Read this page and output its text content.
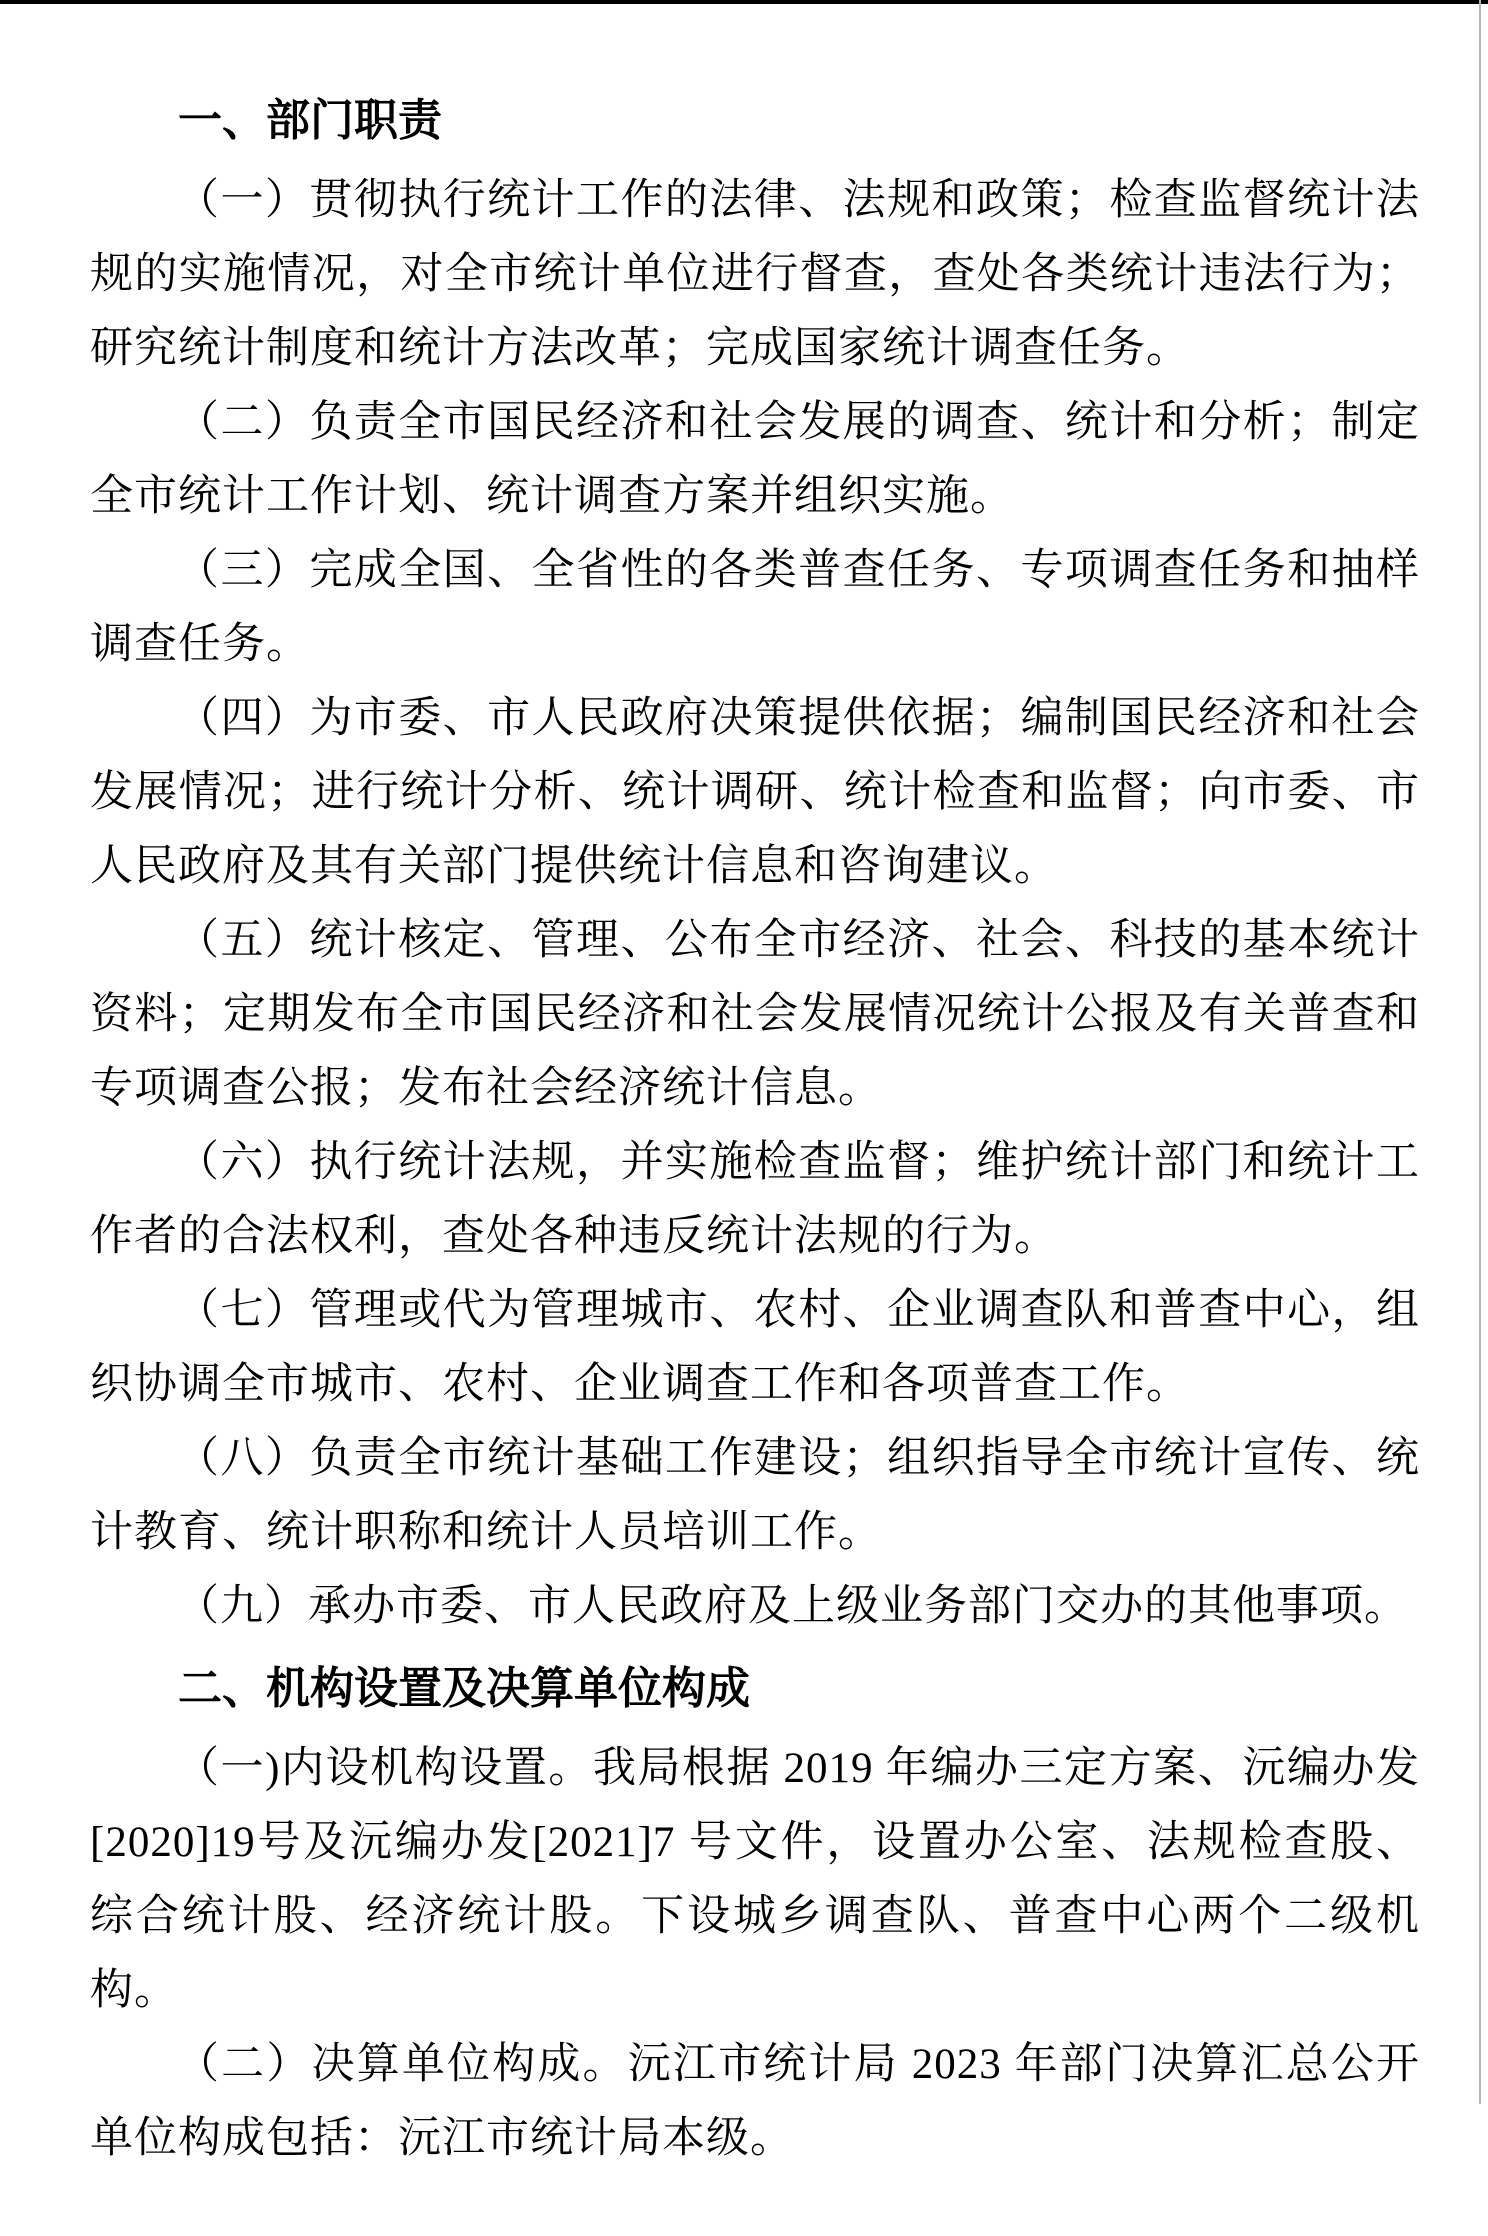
一、部门职责

（一）贯彻执行统计工作的法律、法规和政策；检查监督统计法规的实施情况，对全市统计单位进行督查，查处各类统计违法行为；研究统计制度和统计方法改革；完成国家统计调查任务。

（二）负责全市国民经济和社会发展的调查、统计和分析；制定全市统计工作计划、统计调查方案并组织实施。

（三）完成全国、全省性的各类普查任务、专项调查任务和抽样调查任务。

（四）为市委、市人民政府决策提供依据；编制国民经济和社会发展情况；进行统计分析、统计调研、统计检查和监督；向市委、市人民政府及其有关部门提供统计信息和咨询建议。

（五）统计核定、管理、公布全市经济、社会、科技的基本统计资料；定期发布全市国民经济和社会发展情况统计公报及有关普查和专项调查公报；发布社会经济统计信息。

（六）执行统计法规，并实施检查监督；维护统计部门和统计工作者的合法权利，查处各种违反统计法规的行为。

（七）管理或代为管理城市、农村、企业调查队和普查中心，组织协调全市城市、农村、企业调查工作和各项普查工作。

（八）负责全市统计基础工作建设；组织指导全市统计宣传、统计教育、统计职称和统计人员培训工作。

（九）承办市委、市人民政府及上级业务部门交办的其他事项。

二、机构设置及决算单位构成

（一)内设机构设置。我局根据 2019 年编办三定方案、沅编办发[2020]19号及沅编办发[2021]7 号文件，设置办公室、法规检查股、综合统计股、经济统计股。下设城乡调查队、普查中心两个二级机构。

（二）决算单位构成。沅江市统计局 2023 年部门决算汇总公开单位构成包括：沅江市统计局本级。
